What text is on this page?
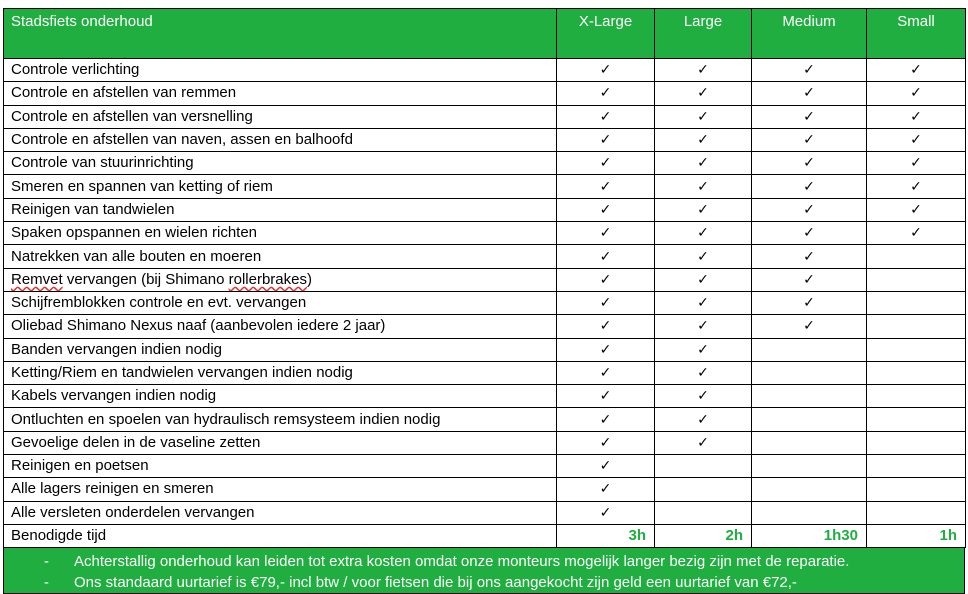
Stadsfiets onderhoud	X-Large	Large	Medium	Small
Controle verlichting	✓	✓	✓	✓
Controle en afstellen van remmen	✓	✓	✓	✓
Controle en afstellen van versnelling	✓	✓	✓	✓
Controle en afstellen van naven, assen en balhoofd	✓	✓	✓	✓
Controle van stuurinrichting	✓	✓	✓	✓
Smeren en spannen van ketting of riem	✓	✓	✓	✓
Reinigen van tandwielen	✓	✓	✓	✓
Spaken opspannen en wielen richten	✓	✓	✓	✓
Natrekken van alle bouten en moeren	✓	✓	✓	
Remvet vervangen (bij Shimano rollerbrakes)	✓	✓	✓	
Schijfremblokken controle en evt. vervangen	✓	✓	✓	
Oliebad Shimano Nexus naaf (aanbevolen iedere 2 jaar)	✓	✓	✓	
Banden vervangen indien nodig	✓	✓		
Ketting/Riem en tandwielen vervangen indien nodig	✓	✓		
Kabels vervangen indien nodig	✓	✓		
Ontluchten en spoelen van hydraulisch remsysteem indien nodig	✓	✓		
Gevoelige delen in de vaseline zetten	✓	✓		
Reinigen en poetsen	✓			
Alle lagers reinigen en smeren	✓			
Alle versleten onderdelen vervangen	✓			
Benodigde tijd	3h	2h	1h30	1h
-	Achterstallig onderhoud kan leiden tot extra kosten omdat onze monteurs mogelijk langer bezig zijn met de reparatie.
-	Ons standaard uurtarief is €79,- incl btw / voor fietsen die bij ons aangekocht zijn geld een uurtarief van €72,-
